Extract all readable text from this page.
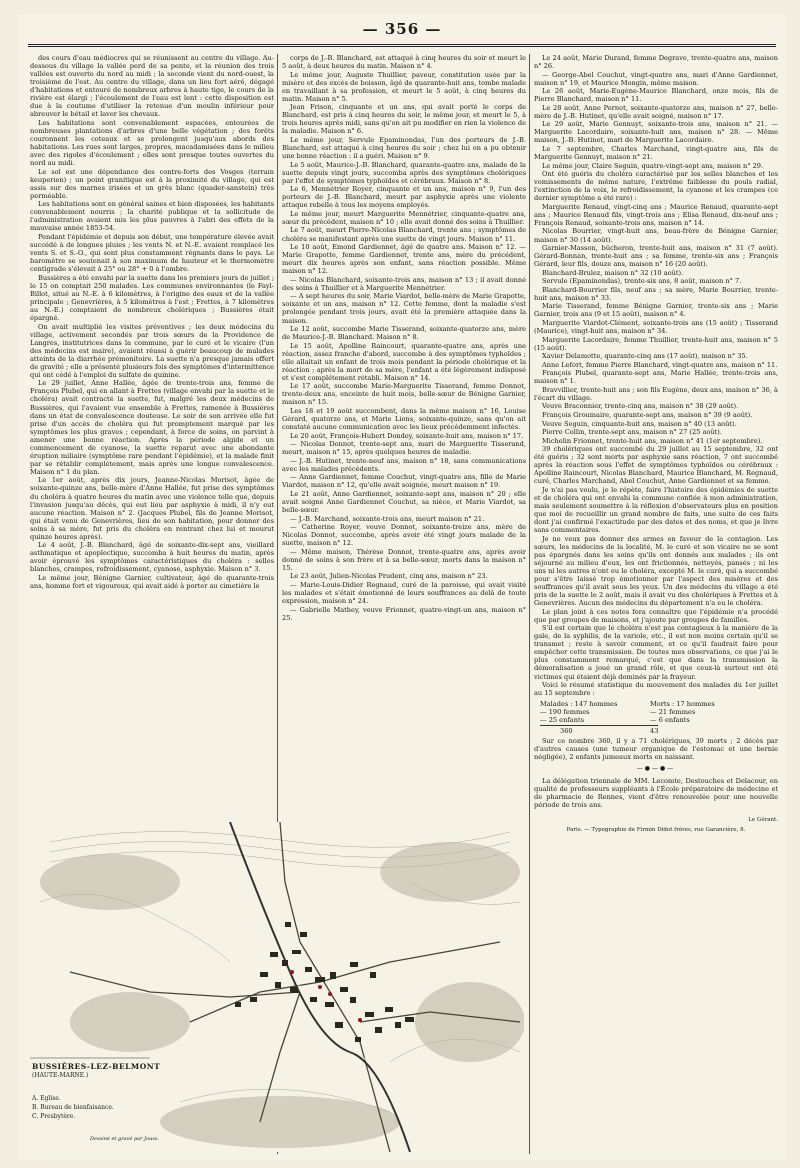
— 356 —

des cours d'eau médiocres qui se réunissent au centre du village. Au-dessous du village la vallée perd de sa pente, et la réunion des trois vallées est ouverte du nord au midi ; la seconde vient du nord-ouest, la troisième de l'est. Au centre du village, dans un lieu fort aéré, dégagé d'habitations et entouré de nombreux arbres à haute tige, le cours de la rivière est élargi ; l'écoulement de l'eau est lent : cette disposition est due à la coutume d'utiliser la retenue d'un moulin inférieur pour abreuver le bétail et laver les chevaux.

Les habitations sont convenablement espacées, entourées de nombreuses plantations d'arbres d'une belle végétation ; des forêts couronnent les coteaux et se prolongent jusqu'aux abords des habitations. Les rues sont larges, propres, macadamisées dans le milieu avec des rigoles d'écoulement ; elles sont presque toutes ouvertes du nord au midi.

Le sol est une dépendance des contre-forts des Vosges (terrain keuperien) ; un point granitique est à la proximité du village, qui est assis sur des marnes irisées et un grès blanc (quader-sanstein) très perméable.

Les habitations sont en général saines et bien disposées, les habitants convenablement nourris ; la charité publique et la sollicitude de l'administration avaient mis les plus pauvres à l'abri des effets de la mauvaise année 1853-54.

Pendant l'épidémie et depuis son début, une température élevée avait succédé à de longues pluies ; les vents N. et N.-E. avaient remplacé les vents S. et S.-O., qui sont plus constamment régnants dans le pays. Le baromètre se soutenait à son maximum de hauteur et le thermomètre centigrade s'élevait à 25° ou 28° + 0 à l'ombre.

Bussières a été envahi par la suette dans les premiers jours de juillet ; le 15 on comptait 250 malades. Les communes environnantes (le Fayl-Billot, situé au N.-E. à 6 kilomètres, à l'origine des eaux et de la vallée principale ; Genevrières, à 5 kilomètres à l'est ; Frettes, à 7 kilomètres au N.-E.) comptaient de nombreux cholériques ; Bussières était épargné.

On avait multiplié les visites préventives ; les deux médecins du village, activement secondés par trois sœurs de la Providence de Langres, institutrices dans la commune, par le curé et le vicaire (l'un des médecins est maire), avaient réussi à guérir beaucoup de malades atteints de la diarrhée prémonitoire. La suette n'a presque jamais offert de gravité ; elle a présenté plusieurs fois des symptômes d'intermittence qui ont cédé à l'emploi du sulfate de quinine.

Le 29 juillet, Anne Hallée, âgée de trente-trois ans, femme de François Plubel, qui en allant à Frettes (village envahi par la suette et le choléra) avait contracté la suette, fut, malgré les deux médecins de Bussières, qui l'avaient vue ensemble à Frettes, ramenée à Bussières dans un état de convalescence douteuse. Le soir de son arrivée elle fut prise d'un accès de choléra qui fut promptement marqué par les symptômes les plus graves ; cependant, à force de soins, on parvint à amener une bonne réaction. Après la période algide et un commencement de cyanose, la suette reparut avec une abondante éruption miliaire (symptôme rare pendant l'épidémie), et la malade finit par se rétablir complétement, mais après une longue convalescence. Maison n° 1 du plan.

Le 1er août, après dix jours, Jeanne-Nicolas Morisot, âgée de soixante-quinze ans, belle-mère d'Anne Hallée, fut prise des symptômes du choléra à quatre heures du matin avec une violence telle que, depuis l'invasion jusqu'au décès, qui eut lieu par asphyxie à midi, il n'y eut aucune réaction. Maison n° 2. (Jacques Plubel, fils de Jeanne Morisot, qui était venu de Genevrières, lieu de son habitation, pour donner des soins à sa mère, fut pris du choléra en rentrant chez lui et mourut quinze heures après).

Le 4 août, J.-B. Blanchard, âgé de soixante-dix-sept ans, vieillard asthmatique et apoplectique, succomba à huit heures du matin, après avoir éprouvé les symptômes caractéristiques du choléra : selles blanches, crampes, refroidissement, cyanose, asphyxie. Maison n° 3.

Le même jour, Bénigne Garnier, cultivateur, âgé de quarante-trois ans, homme fort et vigoureux, qui avait aidé à porter au cimetière le

corps de J.-B. Blanchard, est attaqué à cinq heures du soir et meurt le 5 août, à deux heures du matin. Maison n° 4.

Le même jour, Auguste Thuillier, paveur, constitution usée par la misère et des excès de boisson, âgé de quarante-huit ans, tombe malade en travaillant à sa profession, et meurt le 5 août, à cinq heures du matin. Maison n° 5.

Jean Frison, cinquante et un ans, qui avait porté le corps de Blanchard, est pris à cinq heures du soir, le même jour, et meurt le 5, à trois heures après midi, sans qu'on ait pu modifier en rien la violence de la maladie. Maison n° 6.

Le même jour, Servule Epaminondas, l'un des porteurs de J.-B. Blanchard, est attaqué à cinq heures du soir ; chez lui on a pu obtenir une bonne réaction : il a guéri. Maison n° 9.

Le 5 août, Maurice-J.-B. Blanchard, quarante-quatre ans, malade de la suette depuis vingt jours, succomba après des symptômes cholériques par l'effet de symptômes typhoïdes et cérébraux. Maison n° 8.

Le 6, Mennétrier Royer, cinquante et un ans, maison n° 9, l'un des porteurs de J.-B. Blanchard, meurt par asphyxie après une violente attaque rebelle à tous les moyens employés.

Le même jour, meurt Marguerite Mennétrier, cinquante-quatre ans, sœur du précédent, maison n° 10 ; elle avait donné des soins à Thuillier.

Le 7 août, meurt Pierre-Nicolas Blanchard, trente ans ; symptômes de choléra se manifestant après une suette de vingt jours. Maison n° 11.

Le 10 août, Emond Gardiennet, âgé de quatre ans. Maison n° 12. — Marie Grapotte, femme Gardiennet, trente ans, mère du précédent, meurt dix heures après son enfant, sans réaction possible. Même maison n° 12.

— Nicolas Blanchard, soixante-trois ans, maison n° 13 ; il avait donné des soins à Thuillier et à Marguerite Mennétrier.

— A sept heures du soir, Marie Viardot, belle-mère de Marie Grapotte, soixante et un ans, maison n° 12. Cette femme, dont la maladie s'est prolongée pendant trois jours, avait été la première attaquée dans la maison.

Le 12 août, succombe Marie Tisserand, soixante-quatorze ans, mère de Maurice-J.-B. Blanchard. Maison n° 8.

Le 15 août, Apolline Raincourt, quarante-quatre ans, après une réaction, assez franche d'abord, succombe à des symptômes typhoïdes ; elle allaitait un enfant de trois mois pendant la période cholérique et la réaction ; après la mort de sa mère, l'enfant a été légèrement indisposé et s'est complétement rétabli. Maison n° 14.

Le 17 août, succombe Marie-Marguerite Tisserand, femme Donnot, trente-deux ans, enceinte de huit mois, belle-sœur de Bénigne Garnier, maison n° 15.

Les 18 et 19 août succombent, dans la même maison n° 16, Louise Gérard, quatorze ans, et Marie Lions, soixante-quinze, sans qu'on ait constaté aucune communication avec les lieux précédemment infectés.

Le 20 août, François-Hubert Dondey, soixante-huit ans, maison n° 17.

— Nicolas Donnot, trente-sept ans, mari de Marguerite Tisserand, meurt, maison n° 15, après quelques heures de maladie.

— J.-B. Hutinet, trente-neuf ans, maison n° 18, sans communications avec les malades précédents.

— Anne Gardiennet, femme Couchut, vingt-quatre ans, fille de Marie Viardot, maison n° 12, qu'elle avait soignée, meurt maison n° 19.

Le 21 août, Anne Gardiennet, soixante-sept ans, maison n° 20 ; elle avait soigné Anne Gardiennet Couchut, sa nièce, et Marie Viardot, sa belle-sœur.

— J.-B. Marchand, soixante-trois ans, meurt maison n° 21.

— Catherine Royer, veuve Donnot, soixante-treize ans, mère de Nicolas Donnot, succombe, après avoir été vingt jours malade de la suette, maison n° 12.

— Même maison, Thérèse Donnot, trente-quatre ans, après avoir donné de soins à son frère et à sa belle-sœur, morts dans la maison n° 15.

Le 23 août, Julien-Nicolas Prudent, cinq ans, maison n° 23.

— Marie-Louis-Didier Regnaud, curé de la paroisse, qui avait visité les malades et s'était émotionné de leurs souffrances au delà de toute expression, maison n° 24.

— Gabrielle Mathey, veuve Frionnet, quatre-vingt-un ans, maison n° 25.

Le 24 août, Marie Durand, femme Degrave, trente-quatre ans, maison n° 26.

— George-Abel Couchut, vingt-quatre ans, mari d'Anne Gardiennet, maison n° 19, et Maurice Mongin, même maison.

Le 26 août, Marie-Eugène-Maurice Blanchard, onze mois, fils de Pierre Blanchard, maison n° 11.

Le 28 août, Anne Pernot, soixante-quatorze ans, maison n° 27, belle-mère de J.-B. Hutinet, qu'elle avait soigné, maison n° 17.

Le 29 août, Marie Gennuyt, soixante-trois ans, maison n° 21. — Marguerite Lacordaire, soixante-huit ans, maison n° 28. — Même maison, J.-B. Hutinet, mari de Marguerite Lacordaire.

Le 7 septembre, Charles Marchand, vingt-quatre ans, fils de Marguerite Gennuyt, maison n° 21.

Le même jour, Claire Seguin, quatre-vingt-sept ans, maison n° 29.

Ont été guéris du choléra caractérisé par les selles blanches et les vomissements de même nature, l'extrême faiblesse du pouls radial, l'extinction de la voix, le refroidissement, la cyanose et les crampes (ce dernier symptôme a été rare) :

Marguerite Renaud, vingt-cinq ans ; Maurice Renaud, quarante-sept ans ; Maurice Renaud fils, vingt-trois ans ; Elisa Renaud, dix-neuf ans ; François Renaud, soixante-trois ans, maison n° 14.

Nicolas Bourrier, vingt-huit ans, beau-frère de Bénigne Garnier, maison n° 30 (14 août).

Garnier-Masson, bûcheron, trente-huit ans, maison n° 31 (7 août). Gérard-Bonnan, trente-huit ans ; sa femme, trente-six ans ; François Gérard, leur fils, douze ans, maison n° 16 (20 août).

Blanchard-Brulez, maison n° 32 (10 août).

Servule (Epaminondas), trente-six ans, 8 août, maison n° 7.

Blanchard-Bourrier fils, neuf ans ; sa mère, Marie Bourrier, trente-huit ans, maison n° 33.

Marie Tisserand, femme Bénigne Garnier, trente-six ans ; Marie Garnier, trois ans (9 et 15 août), maison n° 4.

Marguerite Viardot-Clément, soixante-trois ans (15 août) ; Tisserand (Maurice), vingt-huit ans, maison n° 34.

Marguerite Lacordaire, femme Thuillier, trente-huit ans, maison n° 5 (15 août).

Xavier Delamotte, quarante-cinq ans (17 août), maison n° 35.

Anne Lefort, femme Pierre Blanchard, vingt-quatre ans, maison n° 11.

François Plubel, quarante-sept ans, Marie Hallée, trente-trois ans, maison n° 1.

Bravvillier, trente-huit ans ; son fils Eugène, deux ans, maison n° 36, à l'écart du village.

Veuve Braconnier, trente-cinq ans, maison n° 38 (29 août).

François Groumaire, quarante-sept ans, maison n° 39 (9 août).

Veuve Seguin, cinquante-huit ans, maison n° 40 (13 août).

Pierre Collin, trente-sept ans, maison n° 27 (25 août).

Michelin Frionnet, trente-huit ans, maison n° 41 (1er septembre).

39 cholériques ont succombé du 29 juillet au 15 septembre, 32 ont été guéris ; 32 sont morts par asphyxie sans réaction, 7 ont succombé après la réaction sous l'effet de symptômes typhoïdes ou cérébraux : Apolline Raincourt, Nicolas Blanchard, Maurice Blanchard, M. Regnaud, curé, Charles Marchand, Abel Couchut, Anne Gardiennet et sa femme.

Je n'ai pas voulu, je le répète, faire l'histoire des épidémies de suette et de choléra qui ont envahi la commune confiée à mon administration, mais seulement soumettre à la réflexion d'observateurs plus en position que moi de recueillir un grand nombre de faits, une suite de ces faits dont j'ai confirmé l'exactitude par des dates et des noms, et que je livre sans commentaires.

Je ne veux pas donner des armes en faveur de la contagion. Les sœurs, les médecins de la localité, M. le curé et son vicaire ne se sont pas épargnés dans les soins qu'ils ont donnés aux malades ; ils ont séjourné au milieu d'eux, les ont frictionnés, nettoyés, pansés ; ni les uns ni les autres n'ont eu le choléra, excepté M. le curé, qui a succombé pour s'être laissé trop émotionner par l'aspect des misères et des souffrances qu'il avait sous les yeux. Un des médecins du village a été pris de la suette le 2 août, mais il avait vu des cholériques à Frettes et à Genevrières. Aucun des médecins du département n'a eu le choléra.

Le plan joint à ces notes fera connaître que l'épidémie n'a procédé que par groupes de maisons, et j'ajoute par groupes de familles.

S'il est certain que le choléra n'est pas contagieux à la manière de la gale, de la syphilis, de la variole, etc., il est non moins certain qu'il se transmet ; reste à savoir comment, et ce qu'il faudrait faire pour empêcher cette transmission. De toutes mes observations, ce que j'ai le plus constamment remarqué, c'est que dans la transmission la démoralisation a joué un grand rôle, et que ceux-là surtout ont été victimes qui étaient déjà dominés par la frayeur.

Voici le résumé statistique du mouvement des malades du 1er juillet au 15 septembre :

Malades : 147 hommes	Morts : 17 hommes
— 190 femmes	— 21 femmes
— 25 enfants	— 6 enfants
360	43

Sur ce nombre 360, il y a 71 cholériques, 39 morts ; 2 décès par d'autres causes (une tumeur organique de l'estomac et une bernie négligée), 2 enfants jumeaux morts en naissant.

—●—●—

La délégation triennale de MM. Lecomte, Destouches et Delacour, en qualité de professeurs suppléants à l'École préparatoire de médecine et de pharmacie de Rennes, vient d'être renouvelée pour une nouvelle période de trois ans.

Le Gérant.
Paris. — Typographie de Firmin Didot frères, rue Garancière, 8.
BUSSIÈRES-LEZ-BELMONT
(HAUTE-MARNE.)
A. Eglise.
B. Bureau de bienfaisance.
C. Presbytère.
Dessiné et gravé par Jouss.
